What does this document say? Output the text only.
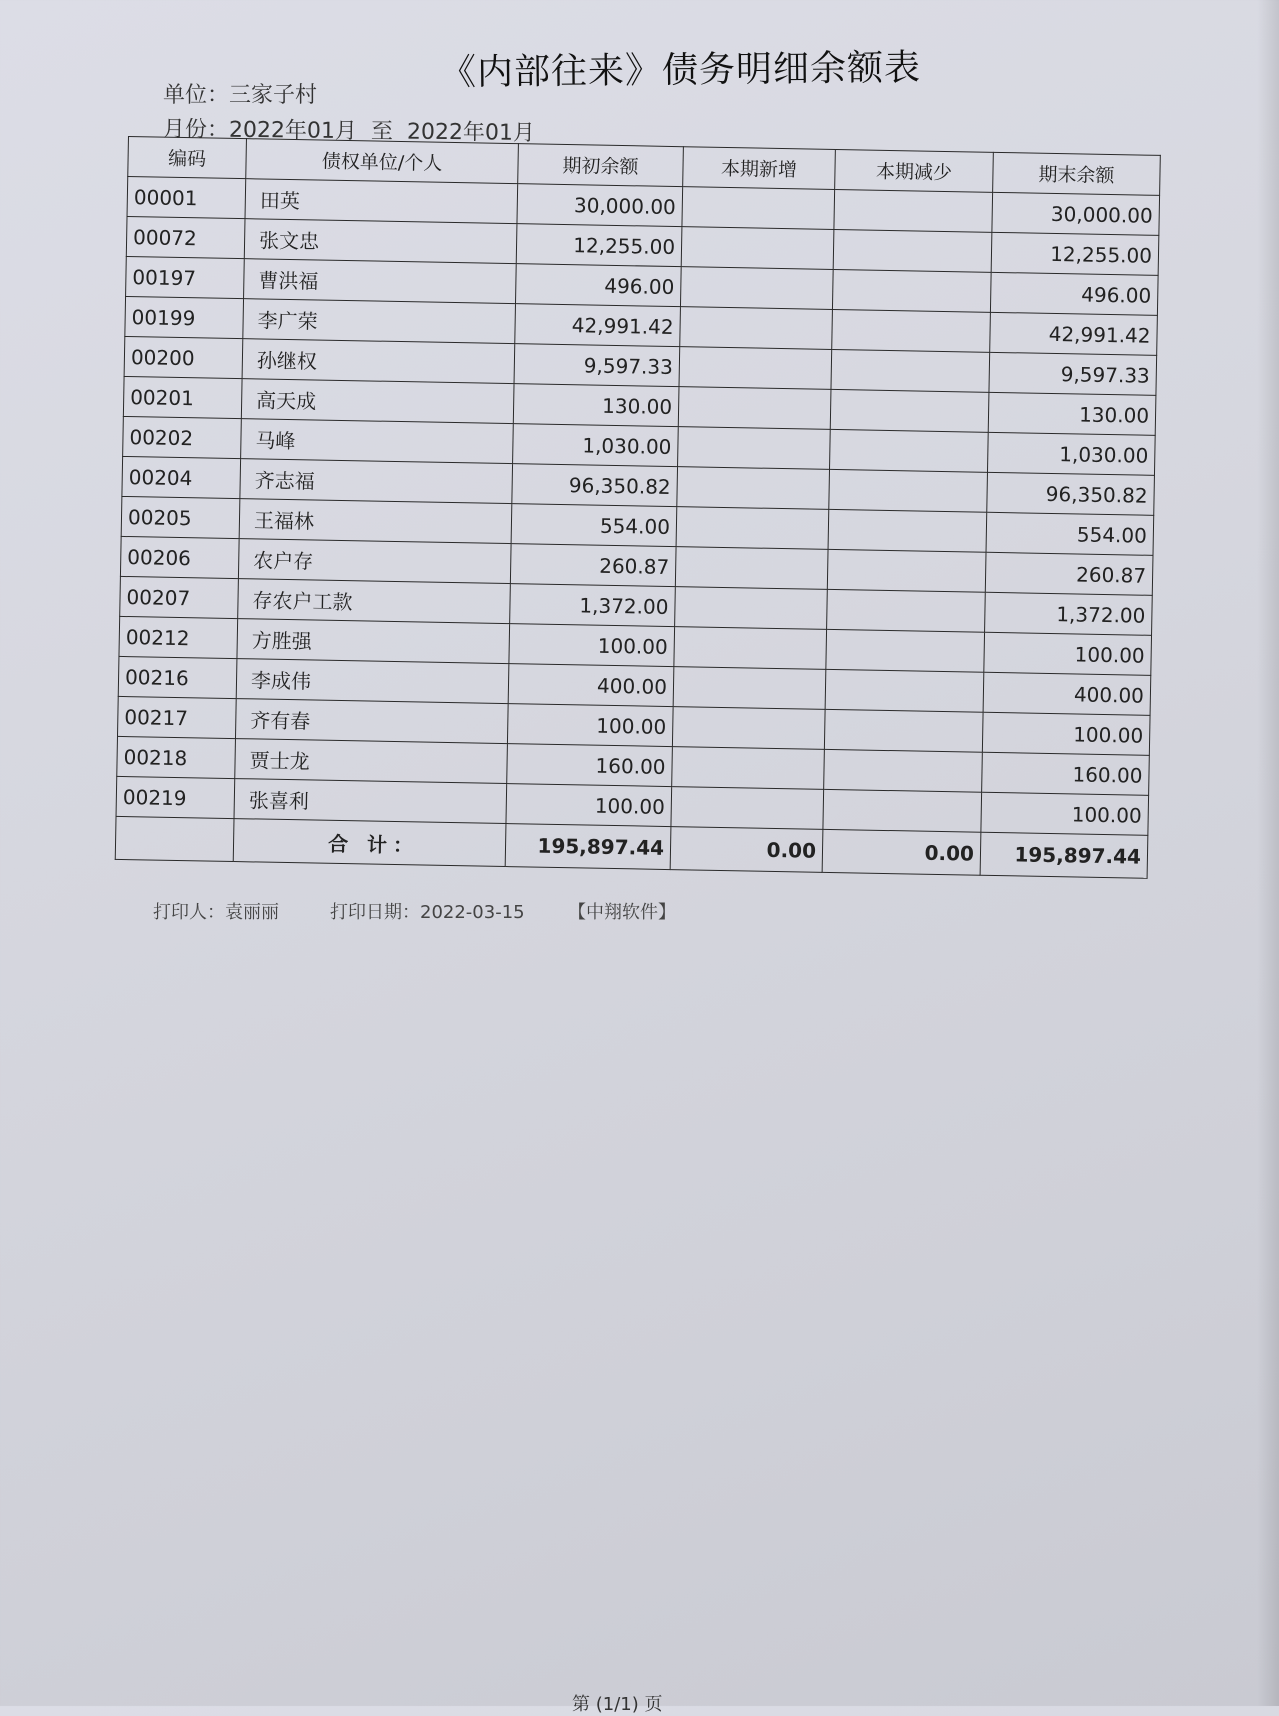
《内部往来》债务明细余额表
单位：三家子村
月份：2022年01月  至  2022年01月
编码	债权单位/个人	期初余额	本期新增	本期减少	期末余额
00001	田英	30,000.00			30,000.00
00072	张文忠	12,255.00			12,255.00
00197	曹洪福	496.00			496.00
00199	李广荣	42,991.42			42,991.42
00200	孙继权	9,597.33			9,597.33
00201	高天成	130.00			130.00
00202	马峰	1,030.00			1,030.00
00204	齐志福	96,350.82			96,350.82
00205	王福林	554.00			554.00
00206	农户存	260.87			260.87
00207	存农户工款	1,372.00			1,372.00
00212	方胜强	100.00			100.00
00216	李成伟	400.00			400.00
00217	齐有春	100.00			100.00
00218	贾士龙	160.00			160.00
00219	张喜利	100.00			100.00
	合 计：	195,897.44	0.00	0.00	195,897.44
打印人：袁丽丽	打印日期：2022-03-15 【中翔软件】
第 (1/1) 页
